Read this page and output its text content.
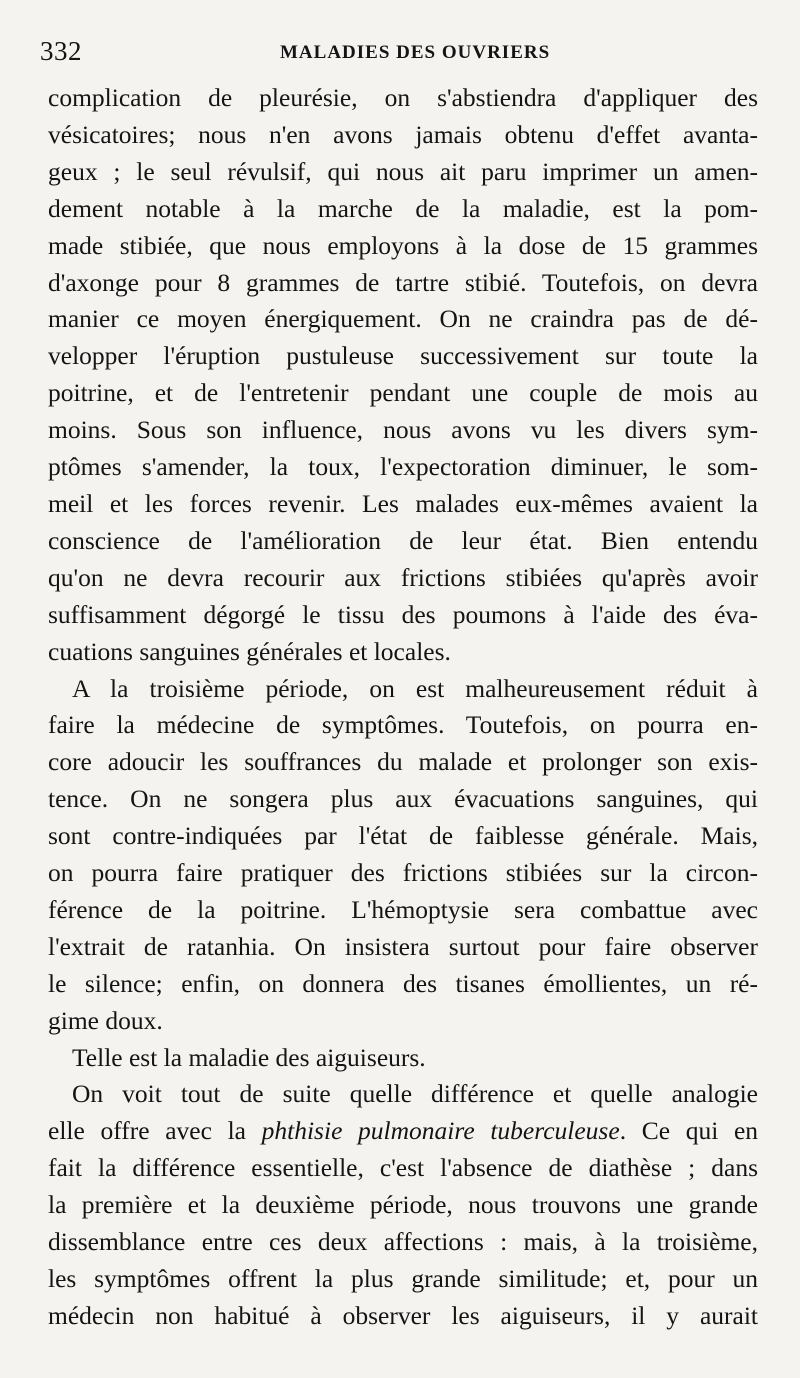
332	MALADIES DES OUVRIERS

complication de pleurésie, on s'abstiendra d'appliquer des
vésicatoires; nous n'en avons jamais obtenu d'effet avanta-
geux ; le seul révulsif, qui nous ait paru imprimer un amen-
dement notable à la marche de la maladie, est la pom-
made stibiée, que nous employons à la dose de 15 grammes
d'axonge pour 8 grammes de tartre stibié. Toutefois, on devra
manier ce moyen énergiquement. On ne craindra pas de dé-
velopper l'éruption pustuleuse successivement sur toute la
poitrine, et de l'entretenir pendant une couple de mois au
moins. Sous son influence, nous avons vu les divers sym-
ptômes s'amender, la toux, l'expectoration diminuer, le som-
meil et les forces revenir. Les malades eux-mêmes avaient la
conscience de l'amélioration de leur état. Bien entendu
qu'on ne devra recourir aux frictions stibiées qu'après avoir
suffisamment dégorgé le tissu des poumons à l'aide des éva-
cuations sanguines générales et locales.

A la troisième période, on est malheureusement réduit à
faire la médecine de symptômes. Toutefois, on pourra en-
core adoucir les souffrances du malade et prolonger son exis-
tence. On ne songera plus aux évacuations sanguines, qui
sont contre-indiquées par l'état de faiblesse générale. Mais,
on pourra faire pratiquer des frictions stibiées sur la circon-
férence de la poitrine. L'hémoptysie sera combattue avec
l'extrait de ratanhia. On insistera surtout pour faire observer
le silence; enfin, on donnera des tisanes émollientes, un ré-
gime doux.

Telle est la maladie des aiguiseurs.

On voit tout de suite quelle différence et quelle analogie
elle offre avec la phthisie pulmonaire tuberculeuse. Ce qui en
fait la différence essentielle, c'est l'absence de diathèse ; dans
la première et la deuxième période, nous trouvons une grande
dissemblance entre ces deux affections : mais, à la troisième,
les symptômes offrent la plus grande similitude; et, pour un
médecin non habitué à observer les aiguiseurs, il y aurait
